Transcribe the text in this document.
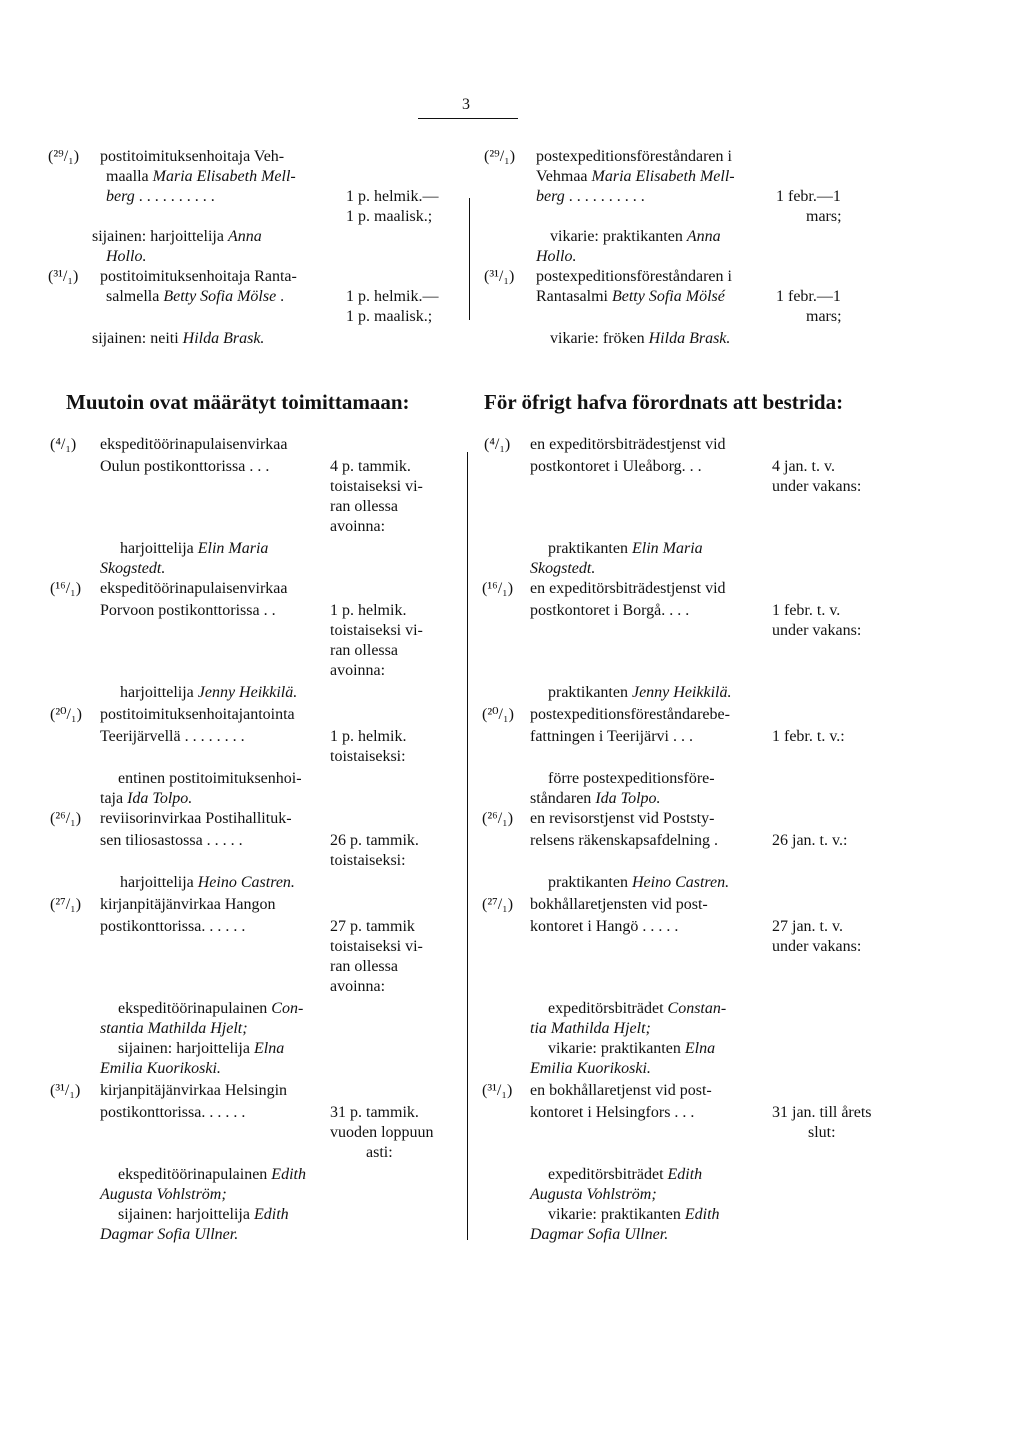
3
(²⁹/₁) postitoimituksenhoitaja Veh-
maalla Maria Elisabeth Mell-
berg . . . . . . . . . .	1 p. helmik.—
1 p. maalisk.;
sijainen: harjoittelija Anna
Hollo.
(³¹/₁) postitoimituksenhoitaja Ranta-
salmella Betty Sofia Mölse .	1 p. helmik.—
1 p. maalisk.;
sijainen: neiti Hilda Brask.
(²⁹/₁) postexpeditionsföreståndaren i
Vehmaa Maria Elisabeth Mell-
berg . . . . . . . . . .	1 febr.—1
mars;
vikarie: praktikanten Anna
Hollo.
(³¹/₁) postexpeditionsföreståndaren i
Rantasalmi Betty Sofia Mölsé	1 febr.—1
mars;
vikarie: fröken Hilda Brask.
Muutoin ovat määrätyt toimittamaan:	För öfrigt hafva förordnats att bestrida:
(⁴/₁) ekspeditöörinapulaisenvirkaa
Oulun postikonttorissa . . .	4 p. tammik.
toistaiseksi vi-
ran ollessa
avoinna:
harjoittelija Elin Maria
Skogstedt.
(¹⁶/₁) ekspeditöörinapulaisenvirkaa
Porvoon postikonttorissa . .	1 p. helmik.
toistaiseksi vi-
ran ollessa
avoinna:
harjoittelija Jenny Heikkilä.
(²⁰/₁) postitoimituksenhoitajantointa
Teerijärvellä . . . . . . . .	1 p. helmik.
toistaiseksi:
entinen postitoimituksenhoi-
taja Ida Tolpo.
(²⁶/₁) reviisorinvirkaa Postihallituk-
sen tiliosastossa . . . . .	26 p. tammik.
toistaiseksi:
harjoittelija Heino Castren.
(²⁷/₁) kirjanpitäjänvirkaa Hangon
postikonttorissa. . . . . .	27 p. tammik
toistaiseksi vi-
ran ollessa
avoinna:
ekspeditöörinapulainen Con-
stantia Mathilda Hjelt;
sijainen: harjoittelija Elna
Emilia Kuorikoski.
(³¹/₁) kirjanpitäjänvirkaa Helsingin
postikonttorissa. . . . . .	31 p. tammik.
vuoden loppuun
asti:
ekspeditöörinapulainen Edith
Augusta Vohlström;
sijainen: harjoittelija Edith
Dagmar Sofia Ullner.
(⁴/₁) en expeditörsbiträdestjenst vid
postkontoret i Uleåborg. . .	4 jan. t. v.
under vakans:
praktikanten Elin Maria
Skogstedt.
(¹⁶/₁) en expeditörsbiträdestjenst vid
postkontoret i Borgå. . . .	1 febr. t. v.
under vakans:
praktikanten Jenny Heikkilä.
(²⁰/₁) postexpeditionsföreståndarebe-
fattningen i Teerijärvi . . .	1 febr. t. v.:
förre postexpeditionsföre-
ståndaren Ida Tolpo.
(²⁶/₁) en revisorstjenst vid Poststy-
relsens räkenskapsafdelning .	26 jan. t. v.:
praktikanten Heino Castren.
(²⁷/₁) bokhållaretjensten vid post-
kontoret i Hangö . . . . .	27 jan. t. v.
under vakans:
expeditörsbiträdet Constan-
tia Mathilda Hjelt;
vikarie: praktikanten Elna
Emilia Kuorikoski.
(³¹/₁) en bokhållaretjenst vid post-
kontoret i Helsingfors . . .	31 jan. till årets
slut:
expeditörsbiträdet Edith
Augusta Vohlström;
vikarie: praktikanten Edith
Dagmar Sofia Ullner.
